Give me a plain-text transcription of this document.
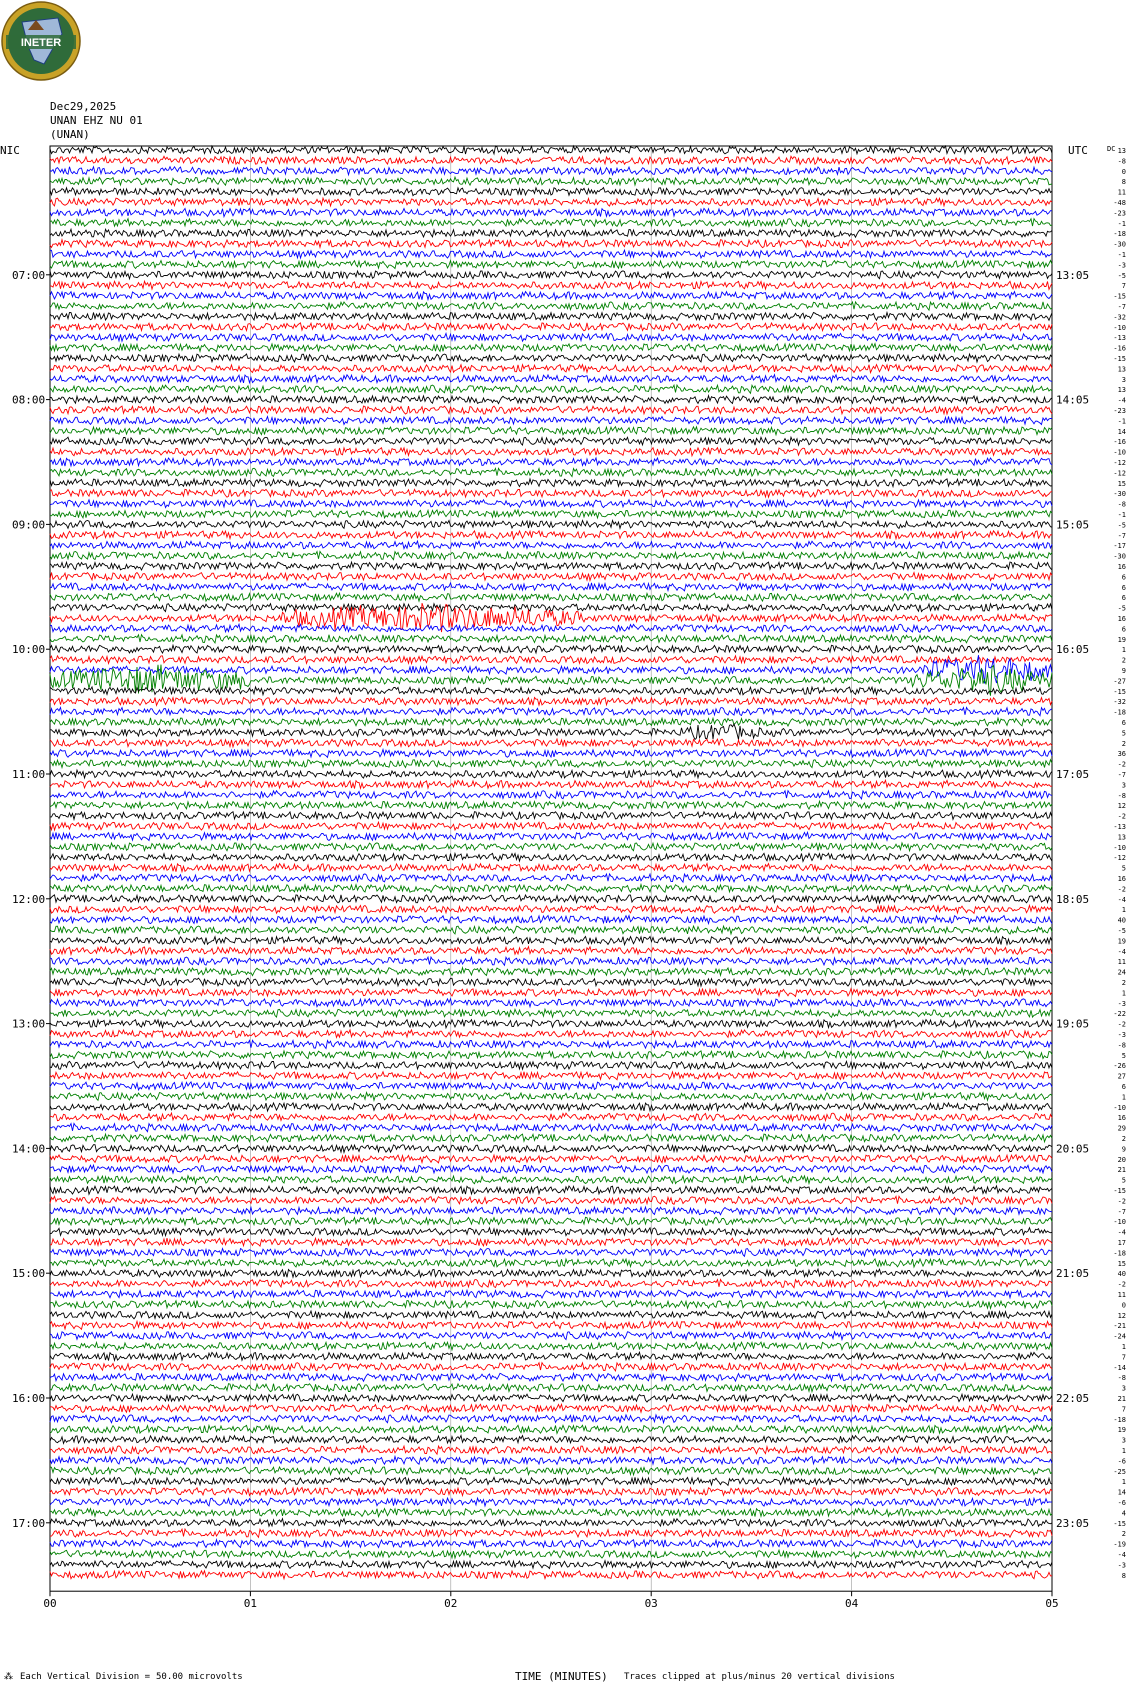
INETER
Dec29,2025
UNAN EHZ NU 01
(UNAN)
NIC	UTC	DC
00	01	02	03	04	05
13
-8
0
8
11
-48
-23
-1
-18
-30
-1
-3
-5
7
-15
-7
-32
-10
-13
-16
-15
13
3
13
-4
-23
-1
14
-16
-10
-12
-12
15
-30
-8
-1
-5
-7
-17
-30
16
6
6
6
-5
16
6
19
1
2
9
-27
-15
-32
-18
6
5
2
36
-2
-7
3
-8
12
-2
-13
13
-10
-12
5
16
-2
-4
1
40
-5
19
-4
11
24
2
1
-3
-22
-2
-3
-8
5
-26
27
6
1
-10
16
29
2
9
20
21
5
-15
-2
-7
-10
-4
17
-18
15
40
-2
11
0
12
-21
-24
1
7
-14
-8
3
21
7
-18
19
3
1
-6
-25
1
14
-6
4
-15
2
-19
-4
-3
8
07:00	13:05
08:00	14:05
09:00	15:05
10:00	16:05
11:00	17:05
12:00	18:05
13:00	19:05
14:00	20:05
15:00	21:05
16:00	22:05
17:00	23:05
⁂ Each Vertical Division = 50.00 microvolts	TIME (MINUTES) Traces clipped at plus/minus 20 vertical divisions
